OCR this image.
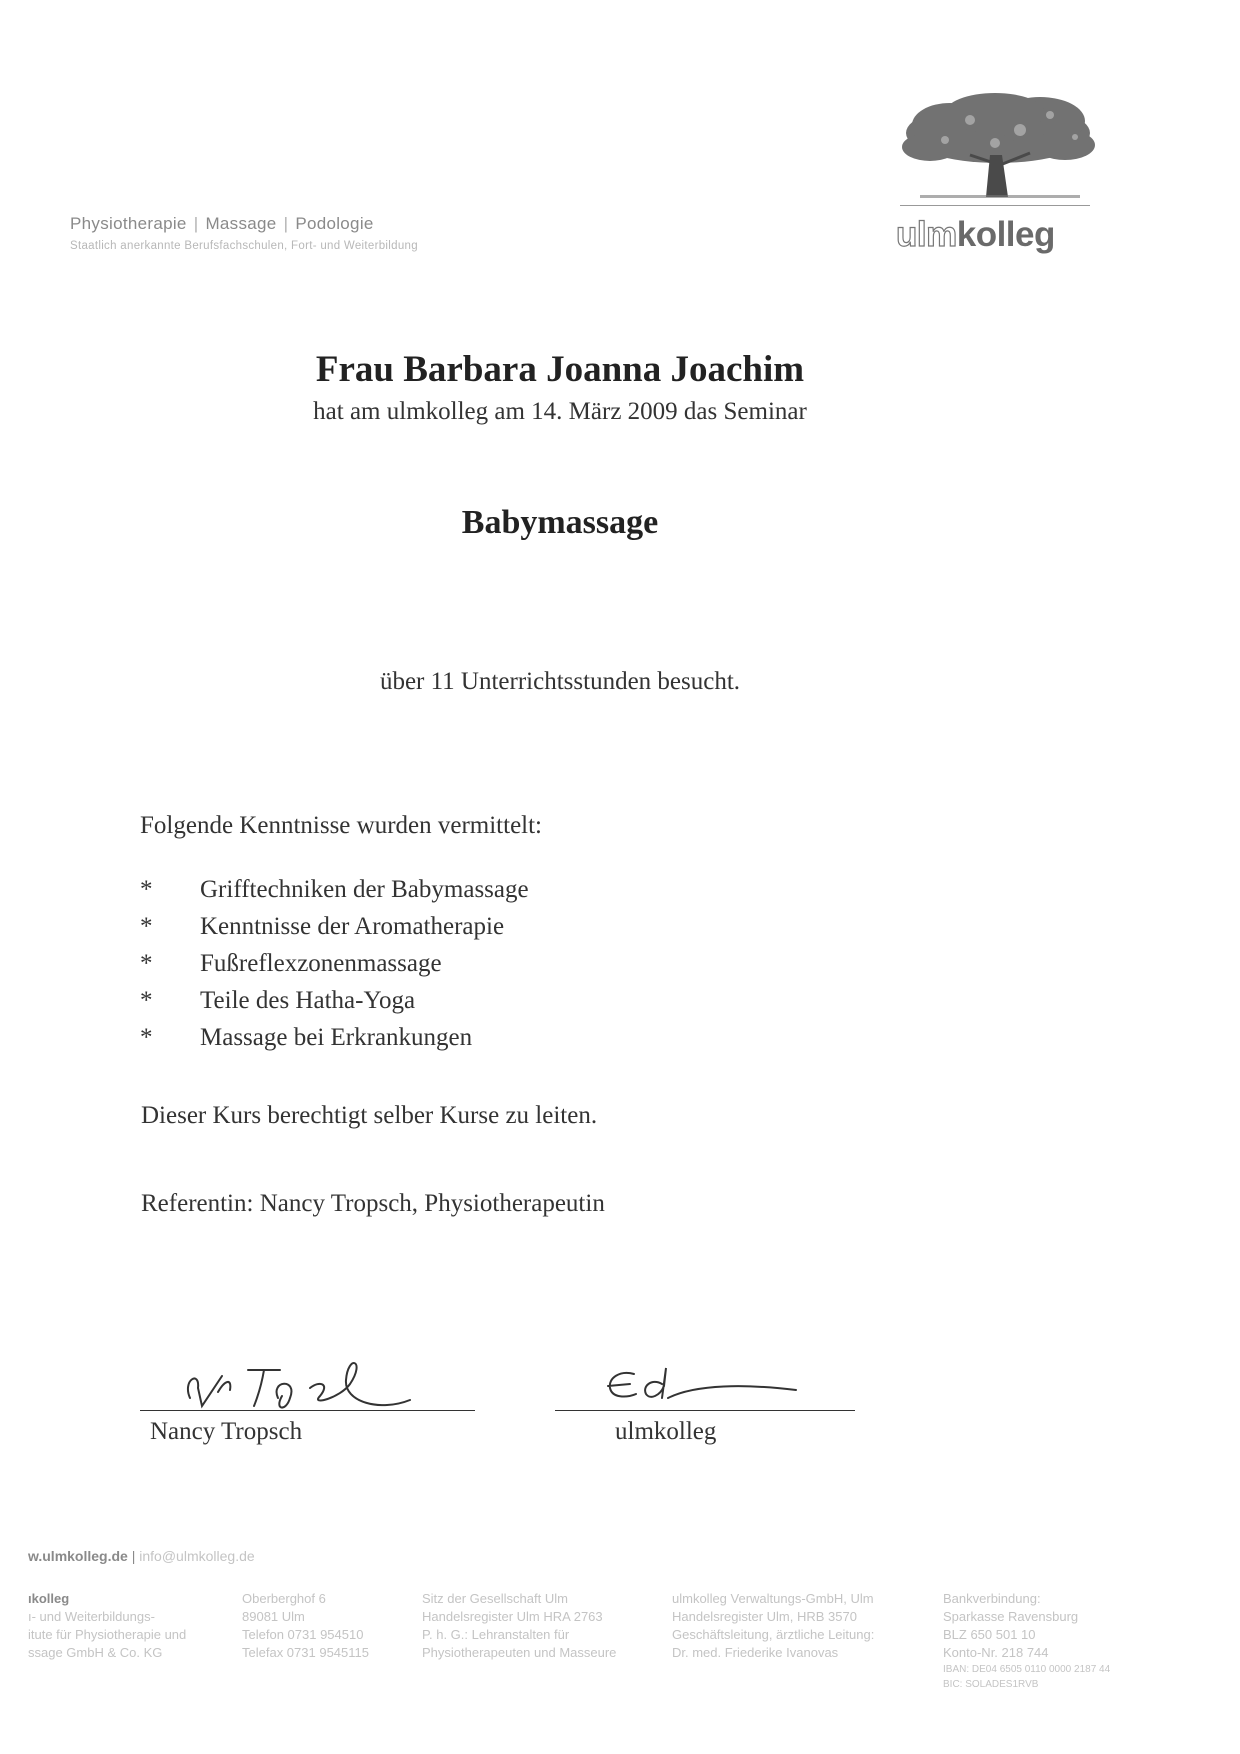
Physiotherapie | Massage | Podologie
Staatlich anerkannte Berufsfachschulen, Fort- und Weiterbildung	ulmkolleg
Frau Barbara Joanna Joachim
hat am ulmkolleg am 14. März 2009 das Seminar
Babymassage
über 11 Unterrichtsstunden besucht.
Folgende Kenntnisse wurden vermittelt:
* Grifftechniken der Babymassage
* Kenntnisse der Aromatherapie
* Fußreflexzonenmassage
* Teile des Hatha-Yoga
* Massage bei Erkrankungen
Dieser Kurs berechtigt selber Kurse zu leiten.
Referentin: Nancy Tropsch, Physiotherapeutin
Nancy Tropsch	ulmkolleg
w.ulmkolleg.de | info@ulmkolleg.de
ıkolleg
ı- und Weiterbildungs-
itute für Physiotherapie und
ssage GmbH & Co. KG
Oberberghof 6
89081 Ulm
Telefon 0731 954510
Telefax 0731 9545115
Sitz der Gesellschaft Ulm
Handelsregister Ulm HRA 2763
P. h. G.: Lehranstalten für
Physiotherapeuten und Masseure
ulmkolleg Verwaltungs-GmbH, Ulm
Handelsregister Ulm, HRB 3570
Geschäftsleitung, ärztliche Leitung:
Dr. med. Friederike Ivanovas
Bankverbindung:
Sparkasse Ravensburg
BLZ 650 501 10
Konto-Nr. 218 744
IBAN: DE04 6505 0110 0000 2187 44
BIC: SOLADES1RVB
